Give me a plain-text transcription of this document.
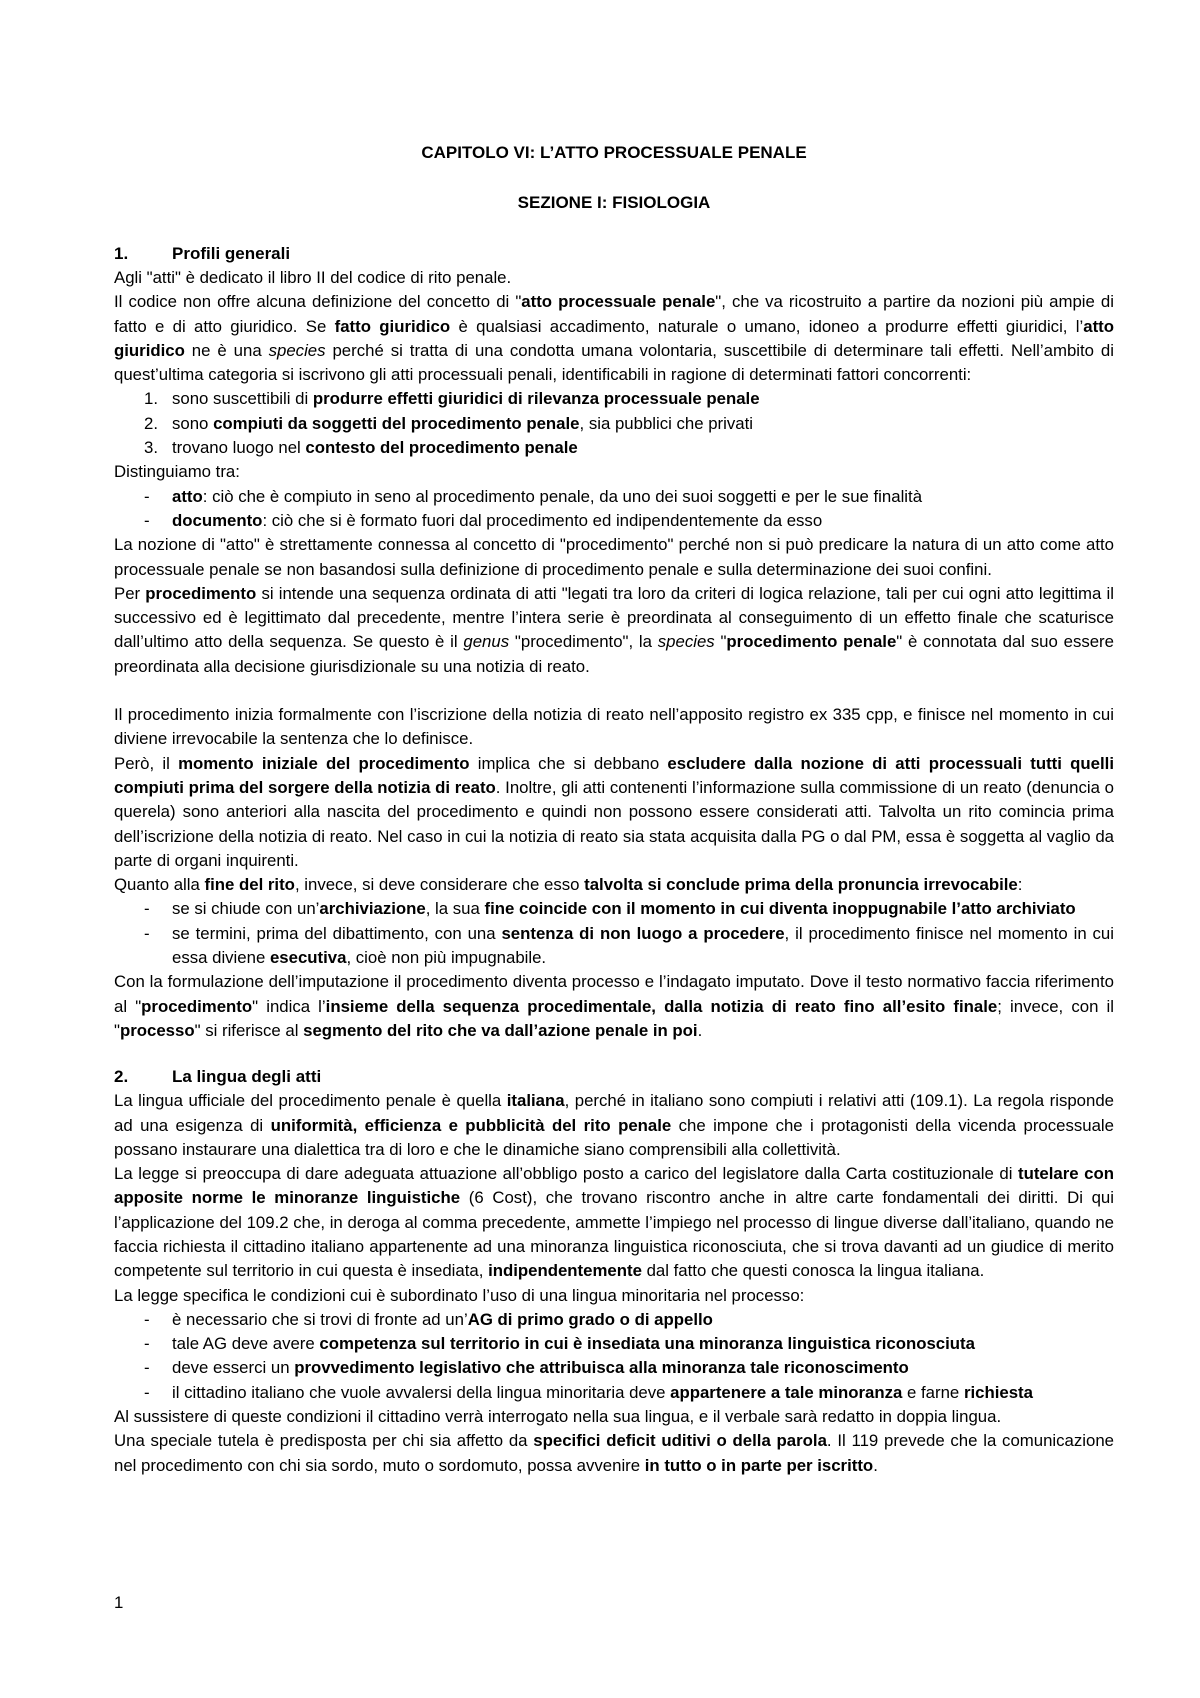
CAPITOLO VI: L’ATTO PROCESSUALE PENALE
SEZIONE I: FISIOLOGIA
1.	Profili generali

Agli "atti" è dedicato il libro II del codice di rito penale.

Il codice non offre alcuna definizione del concetto di "atto processuale penale", che va ricostruito a partire da nozioni più ampie di fatto e di atto giuridico. Se fatto giuridico è qualsiasi accadimento, naturale o umano, idoneo a produrre effetti giuridici, l’atto giuridico ne è una species perché si tratta di una condotta umana volontaria, suscettibile di determinare tali effetti. Nell’ambito di quest’ultima categoria si iscrivono gli atti processuali penali, identificabili in ragione di determinati fattori concorrenti:

1. sono suscettibili di produrre effetti giuridici di rilevanza processuale penale
2. sono compiuti da soggetti del procedimento penale, sia pubblici che privati
3. trovano luogo nel contesto del procedimento penale

Distinguiamo tra:

- atto: ciò che è compiuto in seno al procedimento penale, da uno dei suoi soggetti e per le sue finalità
- documento: ciò che si è formato fuori dal procedimento ed indipendentemente da esso

La nozione di "atto" è strettamente connessa al concetto di "procedimento" perché non si può predicare la natura di un atto come atto processuale penale se non basandosi sulla definizione di procedimento penale e sulla determinazione dei suoi confini.

Per procedimento si intende una sequenza ordinata di atti "legati tra loro da criteri di logica relazione, tali per cui ogni atto legittima il successivo ed è legittimato dal precedente, mentre l’intera serie è preordinata al conseguimento di un effetto finale che scaturisce dall’ultimo atto della sequenza. Se questo è il genus "procedimento", la species "procedimento penale" è connotata dal suo essere preordinata alla decisione giurisdizionale su una notizia di reato.

Il procedimento inizia formalmente con l’iscrizione della notizia di reato nell’apposito registro ex 335 cpp, e finisce nel momento in cui diviene irrevocabile la sentenza che lo definisce.

Però, il momento iniziale del procedimento implica che si debbano escludere dalla nozione di atti processuali tutti quelli compiuti prima del sorgere della notizia di reato. Inoltre, gli atti contenenti l’informazione sulla commissione di un reato (denuncia o querela) sono anteriori alla nascita del procedimento e quindi non possono essere considerati atti. Talvolta un rito comincia prima dell’iscrizione della notizia di reato. Nel caso in cui la notizia di reato sia stata acquisita dalla PG o dal PM, essa è soggetta al vaglio da parte di organi inquirenti.

Quanto alla fine del rito, invece, si deve considerare che esso talvolta si conclude prima della pronuncia irrevocabile:

- se si chiude con un’archiviazione, la sua fine coincide con il momento in cui diventa inoppugnabile l’atto archiviato
- se termini, prima del dibattimento, con una sentenza di non luogo a procedere, il procedimento finisce nel momento in cui essa diviene esecutiva, cioè non più impugnabile.

Con la formulazione dell’imputazione il procedimento diventa processo e l’indagato imputato. Dove il testo normativo faccia riferimento al "procedimento" indica l’insieme della sequenza procedimentale, dalla notizia di reato fino all’esito finale; invece, con il "processo" si riferisce al segmento del rito che va dall’azione penale in poi.

2.	La lingua degli atti

La lingua ufficiale del procedimento penale è quella italiana, perché in italiano sono compiuti i relativi atti (109.1). La regola risponde ad una esigenza di uniformità, efficienza e pubblicità del rito penale che impone che i protagonisti della vicenda processuale possano instaurare una dialettica tra di loro e che le dinamiche siano comprensibili alla collettività.

La legge si preoccupa di dare adeguata attuazione all’obbligo posto a carico del legislatore dalla Carta costituzionale di tutelare con apposite norme le minoranze linguistiche (6 Cost), che trovano riscontro anche in altre carte fondamentali dei diritti. Di qui l’applicazione del 109.2 che, in deroga al comma precedente, ammette l’impiego nel processo di lingue diverse dall’italiano, quando ne faccia richiesta il cittadino italiano appartenente ad una minoranza linguistica riconosciuta, che si trova davanti ad un giudice di merito competente sul territorio in cui questa è insediata, indipendentemente dal fatto che questi conosca la lingua italiana.

La legge specifica le condizioni cui è subordinato l’uso di una lingua minoritaria nel processo:

- è necessario che si trovi di fronte ad un’AG di primo grado o di appello
- tale AG deve avere competenza sul territorio in cui è insediata una minoranza linguistica riconosciuta
- deve esserci un provvedimento legislativo che attribuisca alla minoranza tale riconoscimento
- il cittadino italiano che vuole avvalersi della lingua minoritaria deve appartenere a tale minoranza e farne richiesta

Al sussistere di queste condizioni il cittadino verrà interrogato nella sua lingua, e il verbale sarà redatto in doppia lingua.

Una speciale tutela è predisposta per chi sia affetto da specifici deficit uditivi o della parola. Il 119 prevede che la comunicazione nel procedimento con chi sia sordo, muto o sordomuto, possa avvenire in tutto o in parte per iscritto.

1
